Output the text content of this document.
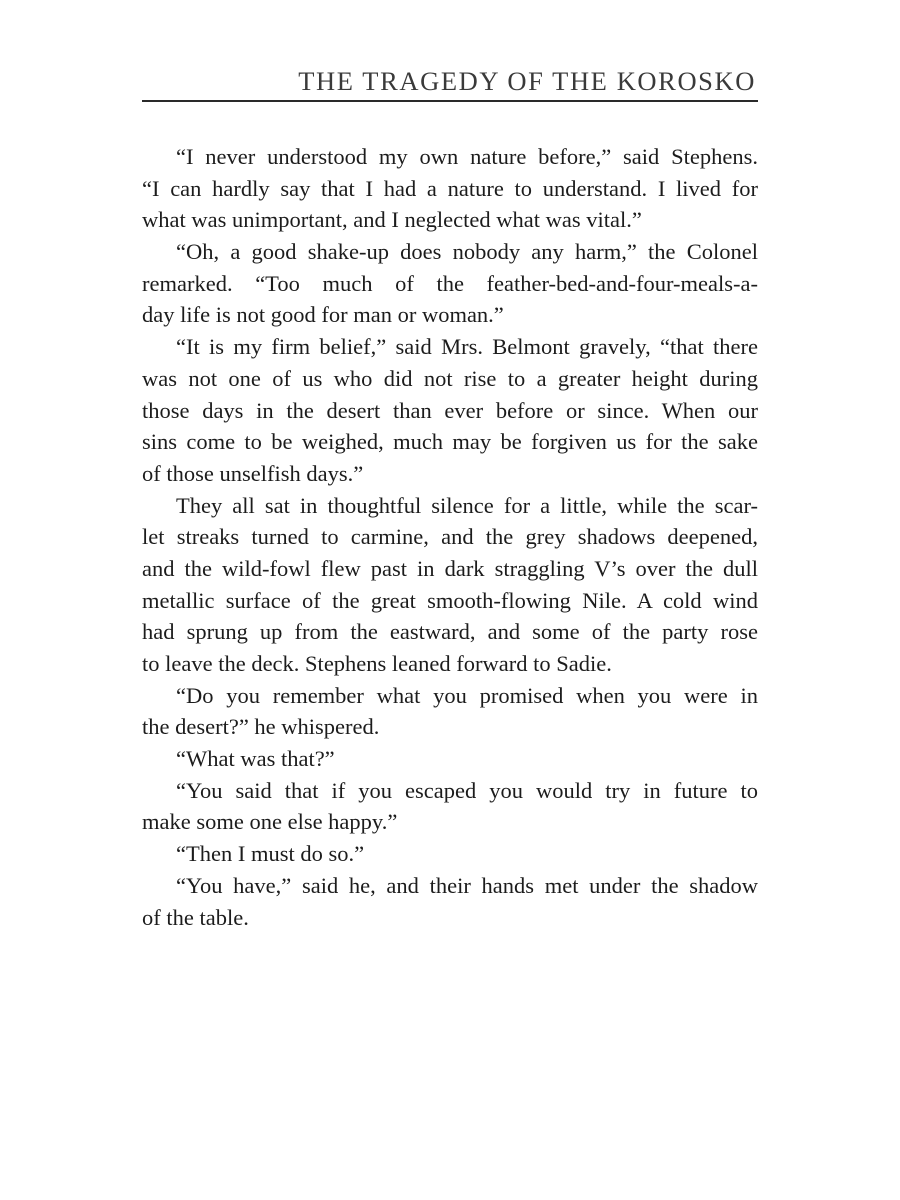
THE TRAGEDY OF THE KOROSKO
“I never understood my own nature before,” said Stephens.
“I can hardly say that I had a nature to understand. I lived for
what was unimportant, and I neglected what was vital.”
“Oh, a good shake-up does nobody any harm,” the Colonel
remarked. “Too much of the feather-bed-and-four-meals-a-
day life is not good for man or woman.”
“It is my firm belief,” said Mrs. Belmont gravely, “that there
was not one of us who did not rise to a greater height during
those days in the desert than ever before or since. When our
sins come to be weighed, much may be forgiven us for the sake
of those unselfish days.”
They all sat in thoughtful silence for a little, while the scar-
let streaks turned to carmine, and the grey shadows deepened,
and the wild-fowl flew past in dark straggling V’s over the dull
metallic surface of the great smooth-flowing Nile. A cold wind
had sprung up from the eastward, and some of the party rose
to leave the deck. Stephens leaned forward to Sadie.
“Do you remember what you promised when you were in
the desert?” he whispered.
“What was that?”
“You said that if you escaped you would try in future to
make some one else happy.”
“Then I must do so.”
“You have,” said he, and their hands met under the shadow
of the table.
